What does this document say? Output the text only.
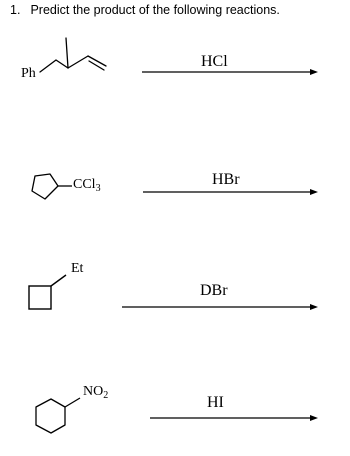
1. Predict the product of the following reactions.
Ph
HCl
CCl$_3$
HBr
Et
DBr
$NO_2$	HI
